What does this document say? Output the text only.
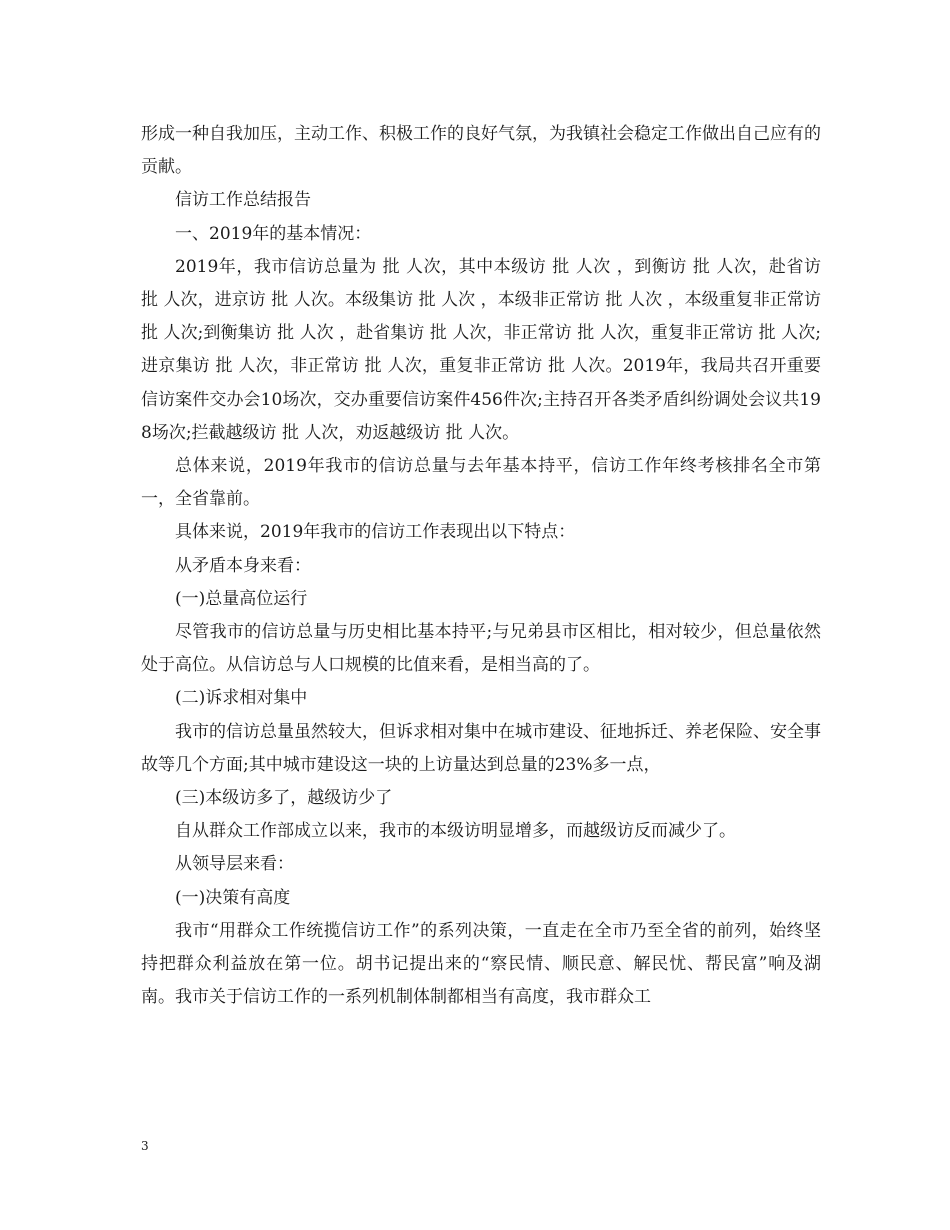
形成一种自我加压，主动工作、积极工作的良好气氛，为我镇社会稳定工作做出自己应有的贡献。

信访工作总结报告

一、2019年的基本情况：

2019年，我市信访总量为 批 人次，其中本级访 批 人次 ，到衡访 批 人次，赴省访 批 人次，进京访 批 人次。本级集访 批 人次 ，本级非正常访 批 人次 ，本级重复非正常访 批 人次;到衡集访 批 人次 ，赴省集访 批 人次，非正常访 批 人次，重复非正常访 批 人次;进京集访 批 人次，非正常访 批 人次，重复非正常访 批 人次。2019年，我局共召开重要信访案件交办会10场次，交办重要信访案件456件次;主持召开各类矛盾纠纷调处会议共198场次;拦截越级访 批 人次，劝返越级访 批 人次。

总体来说，2019年我市的信访总量与去年基本持平，信访工作年终考核排名全市第一，全省靠前。

具体来说，2019年我市的信访工作表现出以下特点：

从矛盾本身来看：

(一)总量高位运行

尽管我市的信访总量与历史相比基本持平;与兄弟县市区相比，相对较少，但总量依然处于高位。从信访总与人口规模的比值来看，是相当高的了。

(二)诉求相对集中

我市的信访总量虽然较大，但诉求相对集中在城市建设、征地拆迁、养老保险、安全事故等几个方面;其中城市建设这一块的上访量达到总量的23%多一点，

(三)本级访多了，越级访少了

自从群众工作部成立以来，我市的本级访明显增多，而越级访反而减少了。

从领导层来看：

(一)决策有高度

我市“用群众工作统揽信访工作”的系列决策，一直走在全市乃至全省的前列，始终坚持把群众利益放在第一位。胡书记提出来的“察民情、顺民意、解民忧、帮民富”响及湖南。我市关于信访工作的一系列机制体制都相当有高度，我市群众工

3
